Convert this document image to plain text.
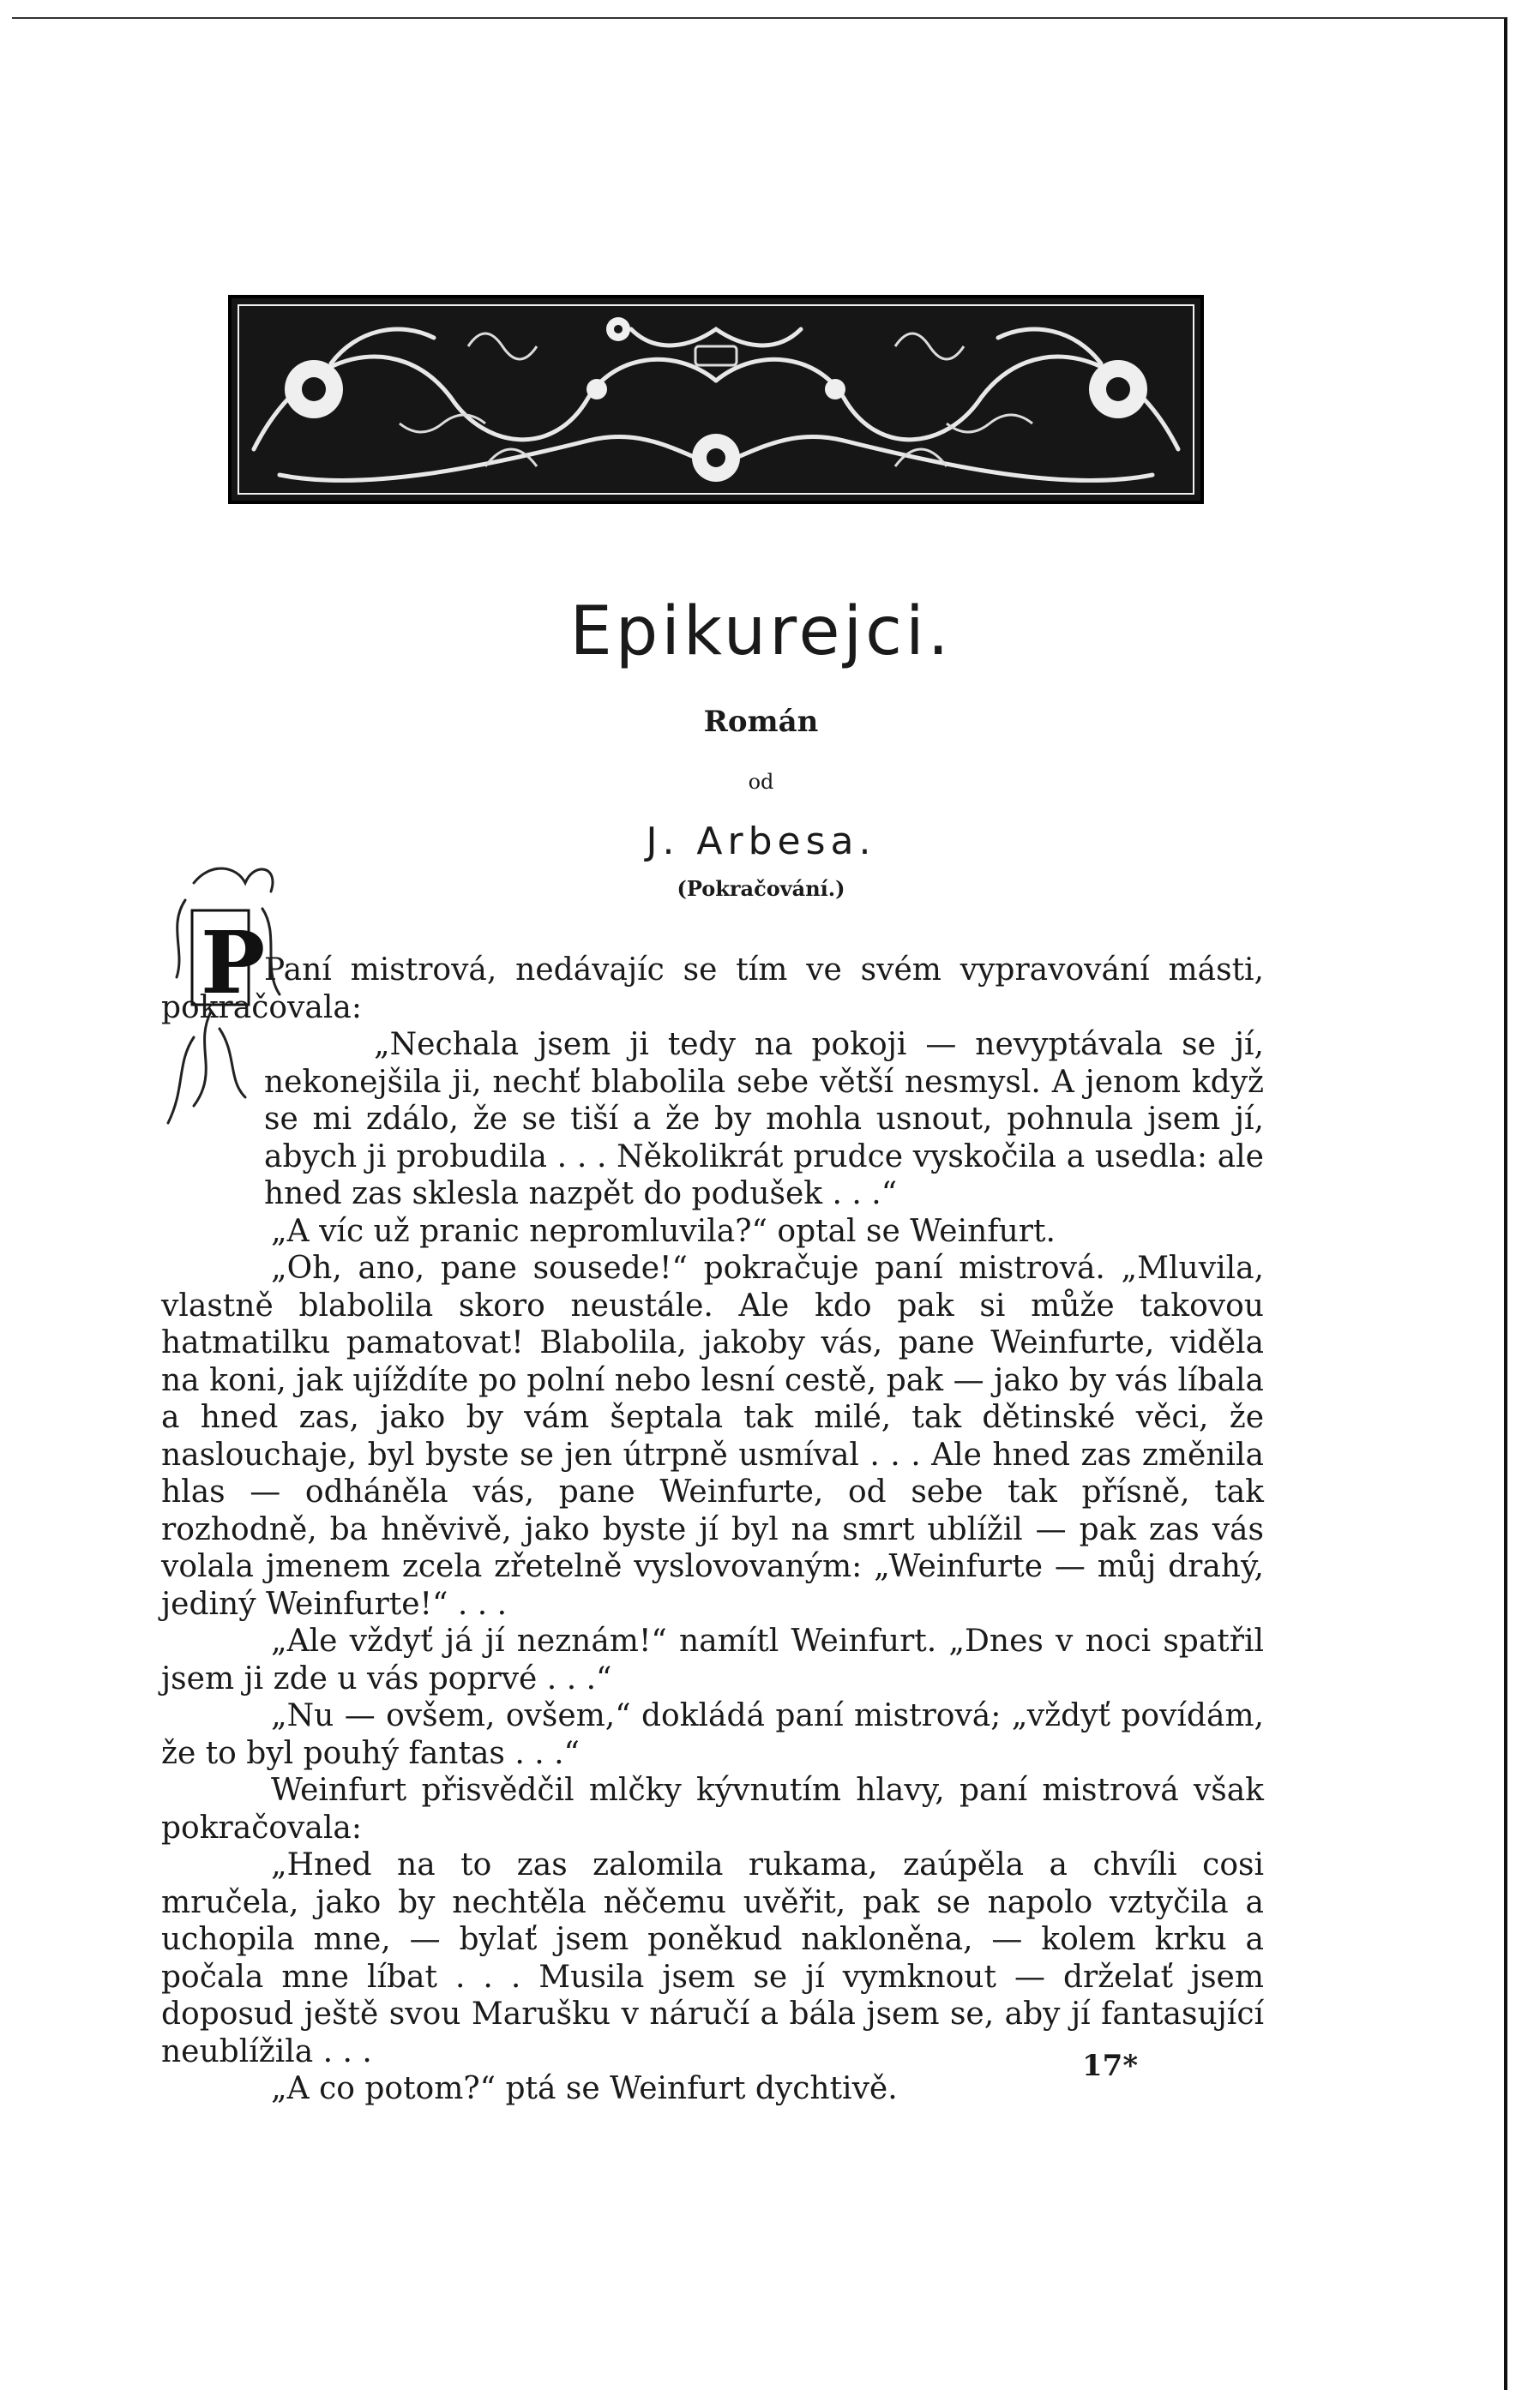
Epikurejci.
Román
od
J. Arbesa.
(Pokračování.)
P

Paní mistrová, nedávajíc se tím ve svém vypravování másti, pokračovala:

„Nechala jsem ji tedy na pokoji — nevyptávala se jí, nekonejšila ji, nechť blabolila sebe větší nesmysl. A jenom když se mi zdálo, že se tiší a že by mohla usnout, pohnula jsem jí, abych ji probudila . . . Několikrát prudce vyskočila a usedla: ale hned zas sklesla nazpět do podušek . . .“

„A víc už pranic nepromluvila?“ optal se Weinfurt.

„Oh, ano, pane sousede!“ pokračuje paní mistrová. „Mluvila, vlastně blabolila skoro neustále. Ale kdo pak si může takovou hatmatilku pamatovat! Blabolila, jakoby vás, pane Weinfurte, viděla na koni, jak ujíždíte po polní nebo lesní cestě, pak — jako by vás líbala a hned zas, jako by vám šeptala tak milé, tak dětinské věci, že naslouchaje, byl byste se jen útrpně usmíval . . . Ale hned zas změnila hlas — odháněla vás, pane Weinfurte, od sebe tak přísně, tak rozhodně, ba hněvivě, jako byste jí byl na smrt ublížil — pak zas vás volala jmenem zcela zřetelně vyslovovaným: „Weinfurte — můj drahý, jediný Weinfurte!“ . . .

„Ale vždyť já jí neznám!“ namítl Weinfurt. „Dnes v noci spatřil jsem ji zde u vás poprvé . . .“

„Nu — ovšem, ovšem,“ dokládá paní mistrová; „vždyť povídám, že to byl pouhý fantas . . .“

Weinfurt přisvědčil mlčky kývnutím hlavy, paní mistrová však pokračovala:

„Hned na to zas zalomila rukama, zaúpěla a chvíli cosi mručela, jako by nechtěla něčemu uvěřit, pak se napolo vztyčila a uchopila mne, — bylať jsem poněkud nakloněna, — kolem krku a počala mne líbat . . . Musila jsem se jí vymknout — drželať jsem doposud ještě svou Marušku v náručí a bála jsem se, aby jí fantasující neublížila . . .

„A co potom?“ ptá se Weinfurt dychtivě.

17*
